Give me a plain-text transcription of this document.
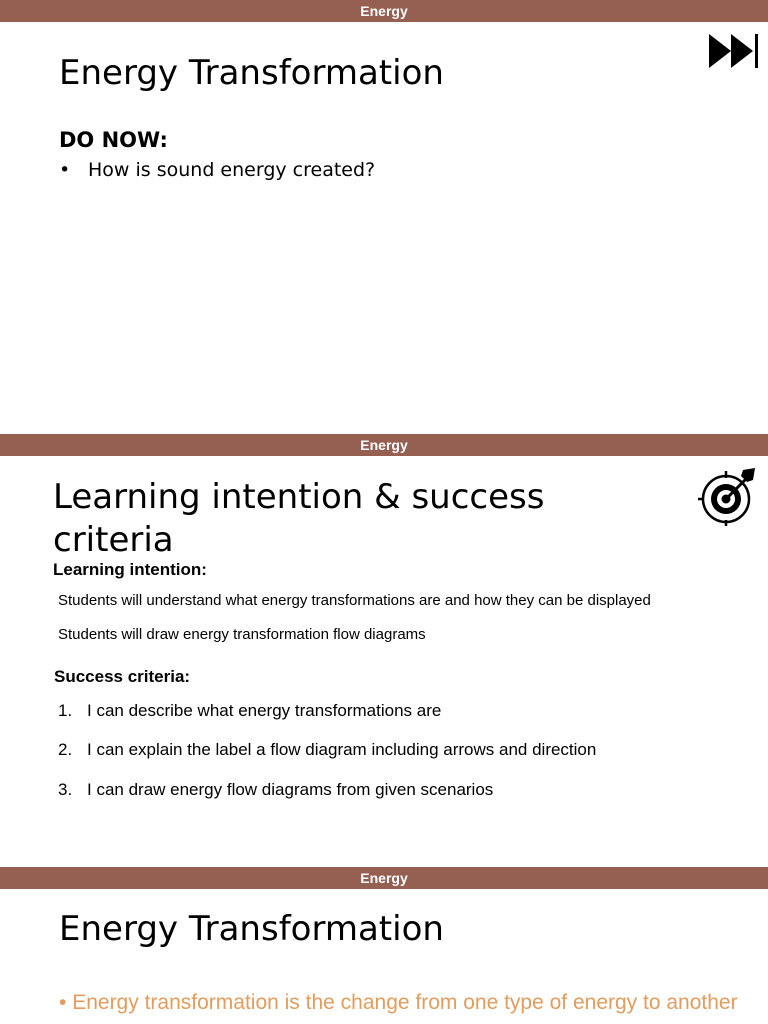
Energy
Energy Transformation
DO NOW:
• How is sound energy created?
Energy
Learning intention & success
criteria
Learning intention:
Students will understand what energy transformations are and how they can be displayed
Students will draw energy transformation flow diagrams
Success criteria:
1. I can describe what energy transformations are
2. I can explain the label a flow diagram including arrows and direction
3. I can draw energy flow diagrams from given scenarios
Energy
Energy Transformation
• Energy transformation is the change from one type of energy to another
